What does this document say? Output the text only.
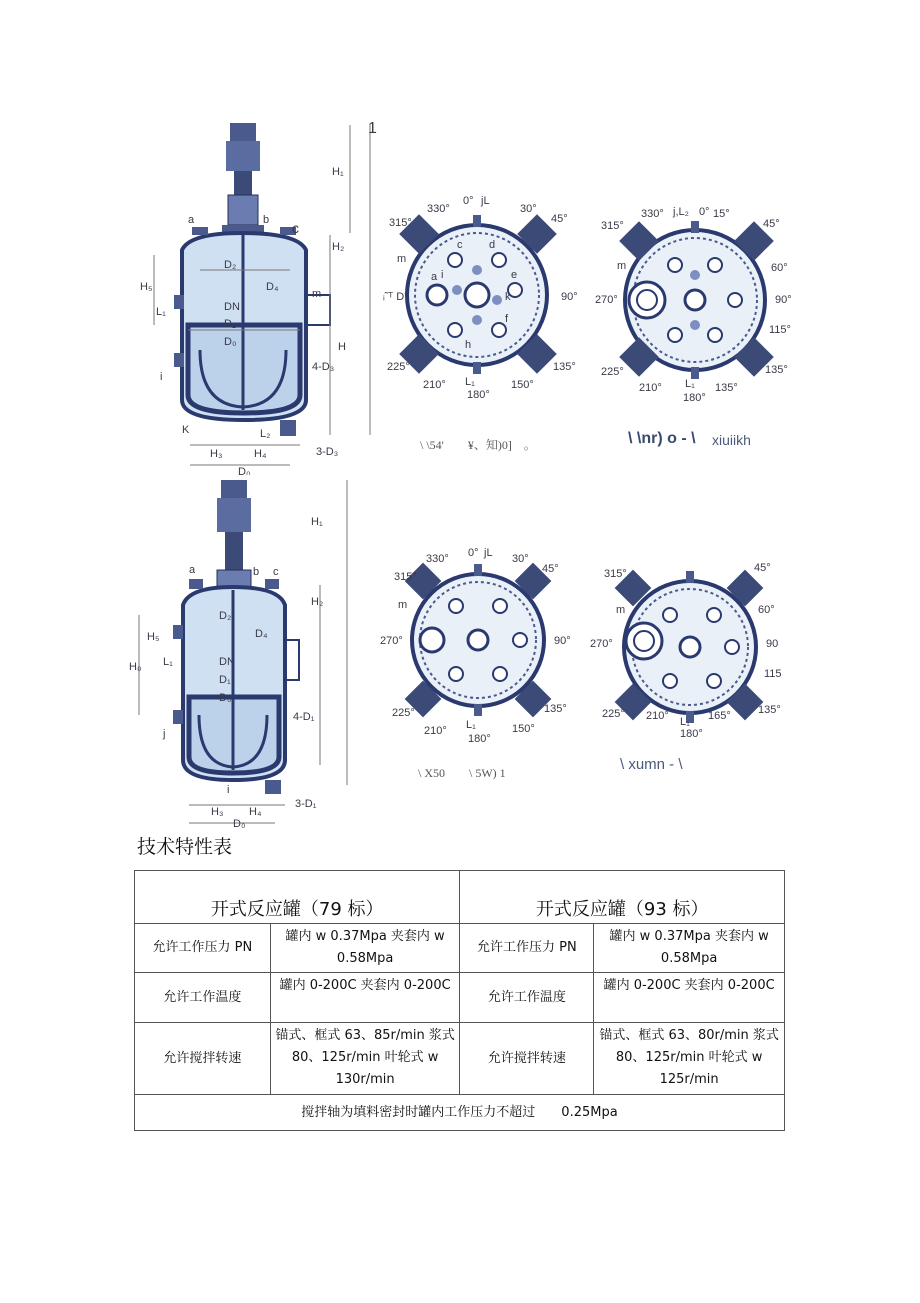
a	b c
1
H₁
H₂
H
H₅
L₁
D₂
D₄
DN
D₁
D₀
m
4-D₃
i
K
H₃	H₄
L₂
D₀
3-D₃
0° jL
330°	30°
315°	45°
ᵢ˜ᵀ D°	90°
m
225°	135°
210°	150°
L₁
180°
a
c d
e
f
h
i
k
\ \54'　　¥、知)0]　。
315°
330° j,L₂ 0° 15°
45°
60°
90°
270°
115°
225°
210°
180°
135°
135°
m
L₁
\ \nr) o - \ xiuiikh
a	b c
H₁
H₂
H₀
H₅
L₁
D₂
D₄
DN
D₁
D₀
4-D₁
j
i
H₃ H₄
D₀
3-D₁
330° 0° jL 30°
315°
45°
m
270°	90°
225°	135°
210°	150°
L₁
180°
\ X50　　\ 5W) 1
315°	45°
60°
270°	90
115
225° 210°	165° 135°
180°
m
L₁
\ xumn - \
技术特性表
开式反应罐（79 标）		开式反应罐（93 标）	
允许工作压力 PN	罐内 w 0.37Mpa 夹套内 w 0.58Mpa	允许工作压力 PN	罐内 w 0.37Mpa 夹套内 w 0.58Mpa
允许工作温度	罐内 0-200C 夹套内 0-200C	允许工作温度	罐内 0-200C 夹套内 0-200C
允许搅拌转速	锚式、框式 63、85r/min 浆式 80、125r/min 叶轮式 w 130r/min	允许搅拌转速	锚式、框式 63、80r/min 浆式 80、125r/min 叶轮式 w 125r/min
搅拌轴为填料密封时罐内工作压力不超过　　0.25Mpa			
